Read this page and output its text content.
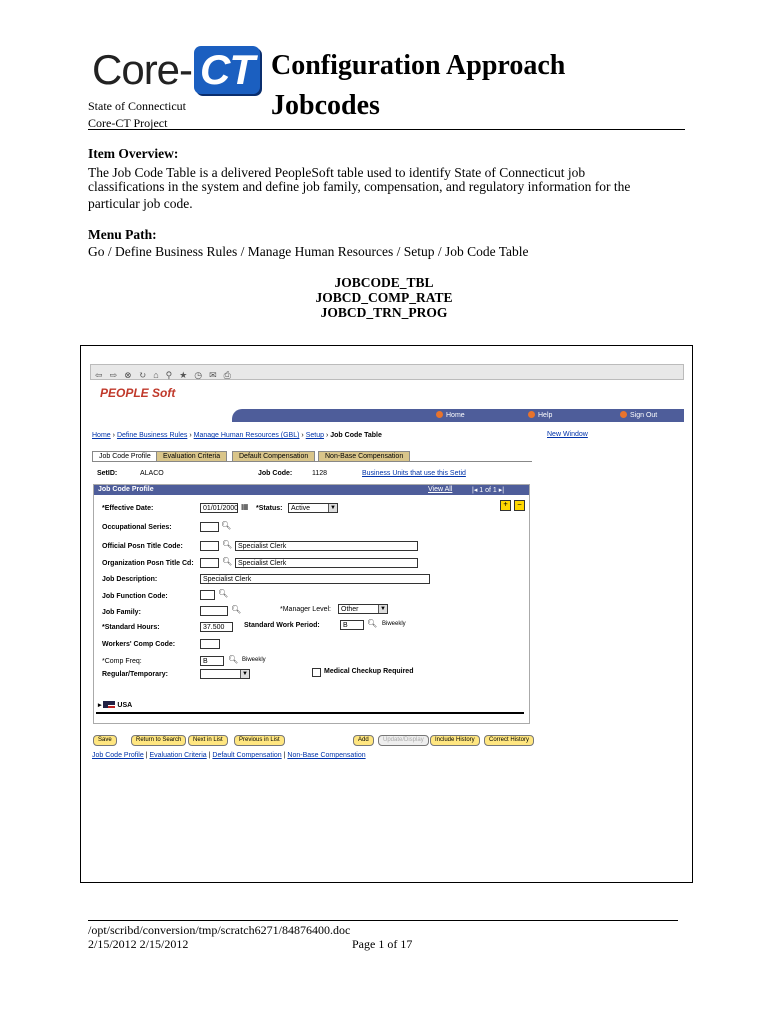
Core- CT
State of Connecticut
Core-CT Project
Configuration Approach
Jobcodes
Item Overview:
The Job Code Table is a delivered PeopleSoft table used to identify State of Connecticut job
classifications in the system and define job family, compensation, and regulatory information for the
particular job code.
Menu Path:
Go / Define Business Rules / Manage Human Resources / Setup / Job Code Table
JOBCODE_TBL
JOBCD_COMP_RATE
JOBCD_TRN_PROG
⇦ ⇨ ⊗ ↻ ⌂ ⚲ ★ ◷ ✉ ⎙
PEOPLE Soft
Home	Help	Sign Out
Home › Define Business Rules › Manage Human Resources (GBL) › Setup › Job Code Table	New Window
Job Code Profile	Evaluation Criteria	Default Compensation	Non-Base Compensation
SetID:	ALACO	Job Code:	1128	Business Units that use this Setid
Job Code Profile	View All	|◂ 1 of 1 ▸|
+	−
*Effective Date:	01/01/2000 ▦ *Status:	Active	▼
Occupational Series:	🔍︎
Official Posn Title Code:	🔍︎ Specialist Clerk
Organization Posn Title Cd:	🔍︎ Specialist Clerk
Job Description:	Specialist Clerk
Job Function Code:	🔍︎
Job Family:	🔍︎	*Manager Level:	Other	▼
*Standard Hours:	37.500	Standard Work Period:	B	🔍︎ Biweekly
Workers' Comp Code:
*Comp Freq:	B	🔍︎ Biweekly
Regular/Temporary:	▼	Medical Checkup Required
▸  USA
Save	Return to Search	Next in List	Previous in List	Add	Update/Display	Include History	Correct History
Job Code Profile | Evaluation Criteria | Default Compensation | Non-Base Compensation
/opt/scribd/conversion/tmp/scratch6271/84876400.doc
2/15/2012 2/15/2012	Page 1 of 17
